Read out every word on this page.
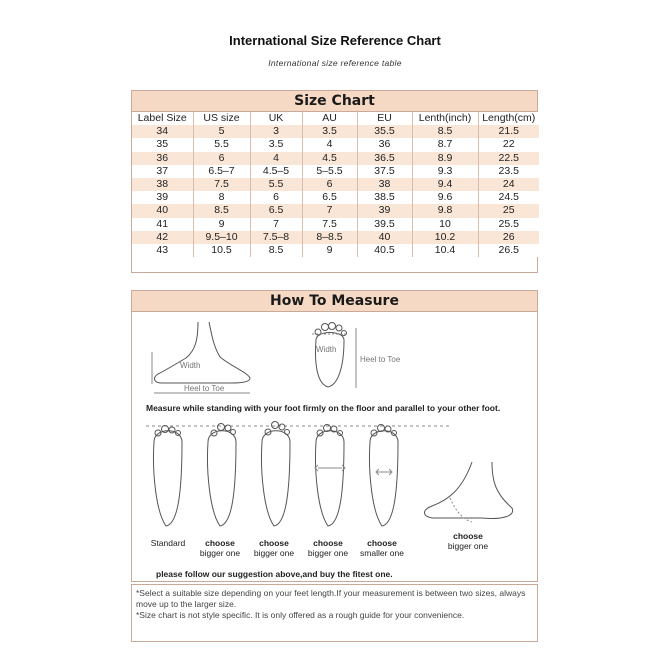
International Size Reference Chart
International size reference table
Size Chart
Label Size	US size	UK	AU	EU	Lenth(inch)	Length(cm)
34	5	3	3.5	35.5	8.5	21.5
35	5.5	3.5	4	36	8.7	22
36	6	4	4.5	36.5	8.9	22.5
37	6.5–7	4.5–5	5–5.5	37.5	9.3	23.5
38	7.5	5.5	6	38	9.4	24
39	8	6	6.5	38.5	9.6	24.5
40	8.5	6.5	7	39	9.8	25
41	9	7	7.5	39.5	10	25.5
42	9.5–10	7.5–8	8–8.5	40	10.2	26
43	10.5	8.5	9	40.5	10.4	26.5
How To Measure
Width
Heel to Toe
Width
Heel to Toe
Measure while standing with your foot firmly on the floor and parallel to your other foot.
Standard	choose
bigger one
choose
bigger one
choose
bigger one
choose
smaller one
choose
bigger one
please follow our suggestion above,and buy the fitest one.

*Select a suitable size depending on your feet length.If your measurement is between two sizes, always move up to the larger size.

*Size chart is not style specific. It is only offered as a rough guide for your convenience.
